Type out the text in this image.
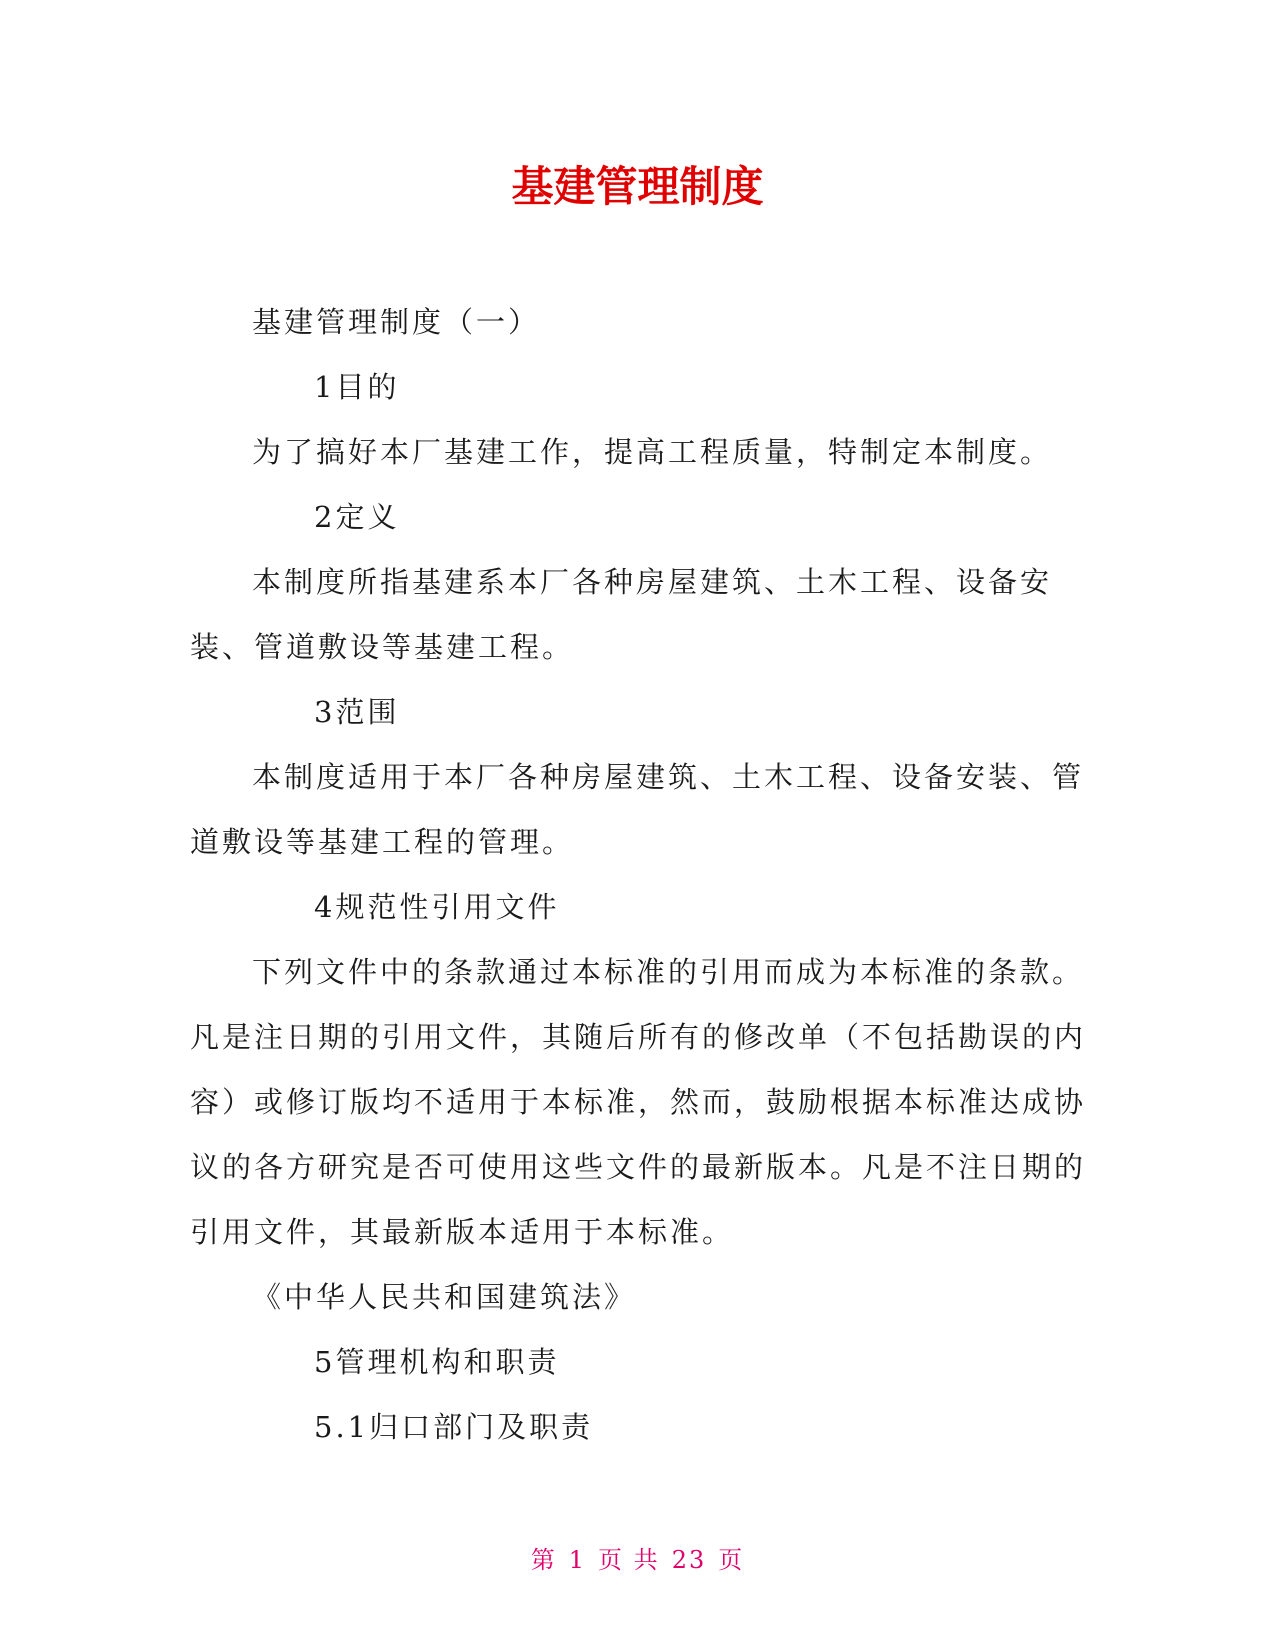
基建管理制度

基建管理制度（一）

1目的

为了搞好本厂基建工作，提高工程质量，特制定本制度。

2定义

本制度所指基建系本厂各种房屋建筑、土木工程、设备安装、管道敷设等基建工程。

3范围

本制度适用于本厂各种房屋建筑、土木工程、设备安装、管道敷设等基建工程的管理。

4规范性引用文件

下列文件中的条款通过本标准的引用而成为本标准的条款。凡是注日期的引用文件，其随后所有的修改单（不包括勘误的内容）或修订版均不适用于本标准，然而，鼓励根据本标准达成协议的各方研究是否可使用这些文件的最新版本。凡是不注日期的引用文件，其最新版本适用于本标准。

《中华人民共和国建筑法》

5管理机构和职责

5.1归口部门及职责

第 1 页 共 23 页
